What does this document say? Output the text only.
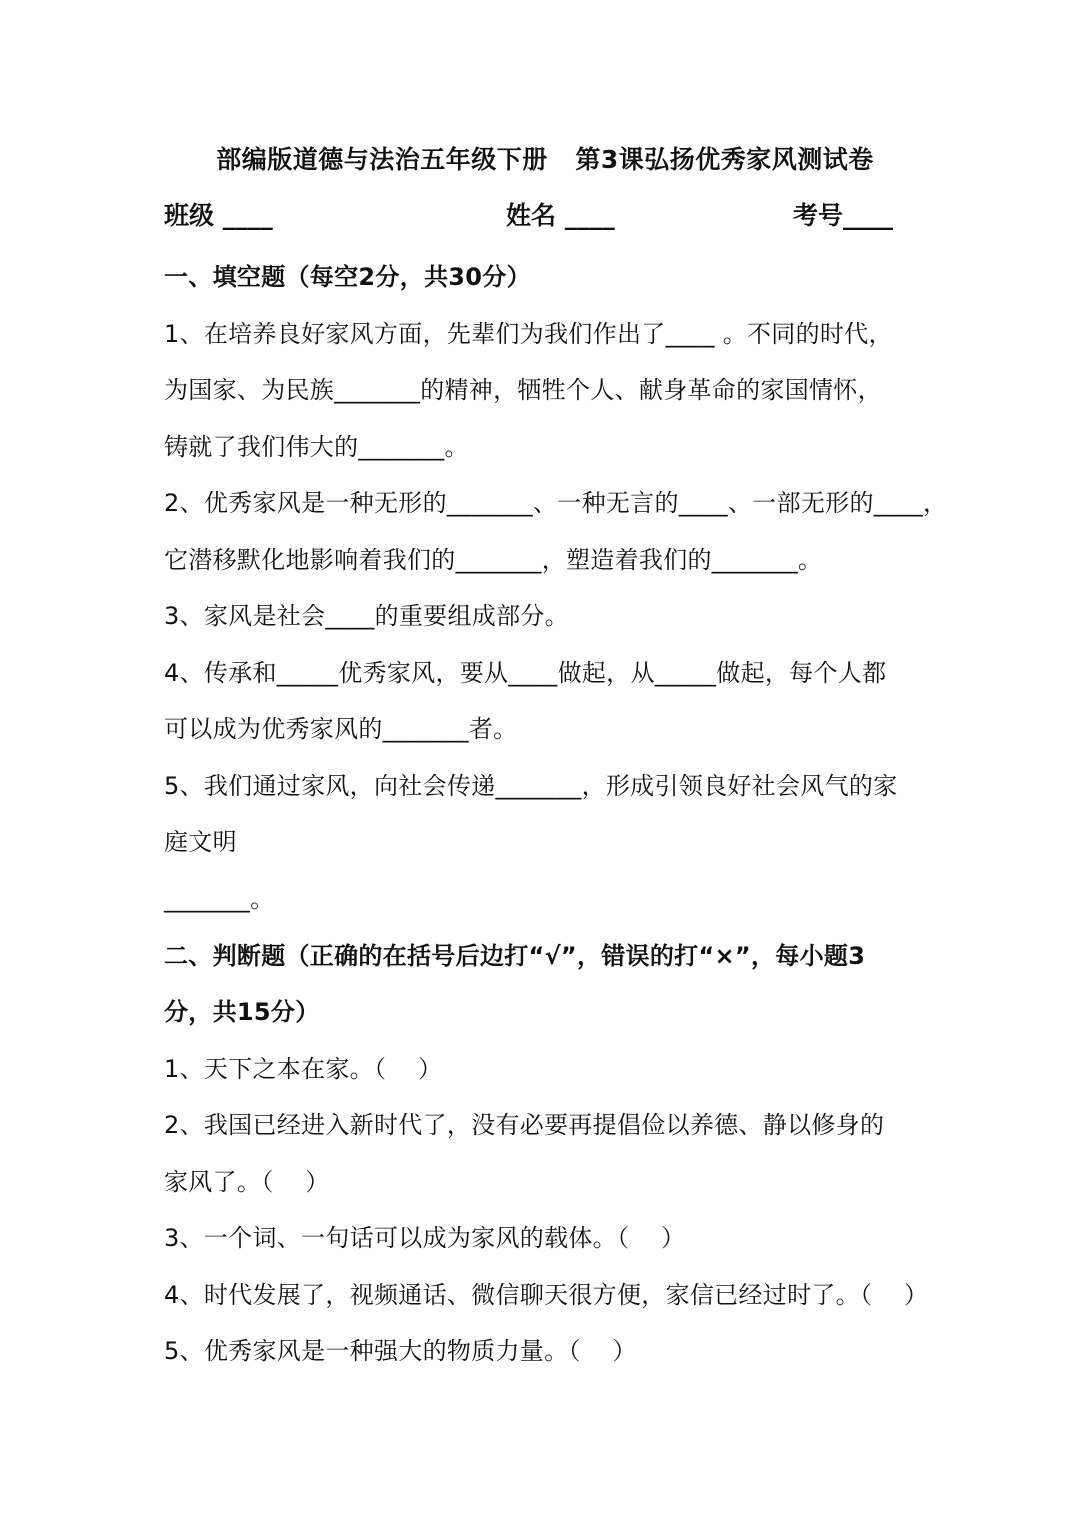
部编版道德与法治五年级下册   第3课弘扬优秀家风测试卷
班级 ____	姓名 ____	考号____
一、填空题（每空2分，共30分）
1、在培养良好家风方面，先辈们为我们作出了____ 。不同的时代，
为国家、为民族_______的精神，牺牲个人、献身革命的家国情怀，
铸就了我们伟大的_______。
2、优秀家风是一种无形的_______、一种无言的____、一部无形的____，
它潜移默化地影响着我们的_______，塑造着我们的_______。
3、家风是社会____的重要组成部分。
4、传承和_____优秀家风，要从____做起，从_____做起，每个人都
可以成为优秀家风的_______者。
5、我们通过家风，向社会传递_______，形成引领良好社会风气的家
庭文明
_______。
二、判断题（正确的在括号后边打“√”，错误的打“×”，每小题3
分，共15分）
1、天下之本在家。（    ）
2、我国已经进入新时代了，没有必要再提倡俭以养德、静以修身的
家风了。（    ）
3、一个词、一句话可以成为家风的载体。（    ）
4、时代发展了，视频通话、微信聊天很方便，家信已经过时了。（    ）
5、优秀家风是一种强大的物质力量。（    ）
